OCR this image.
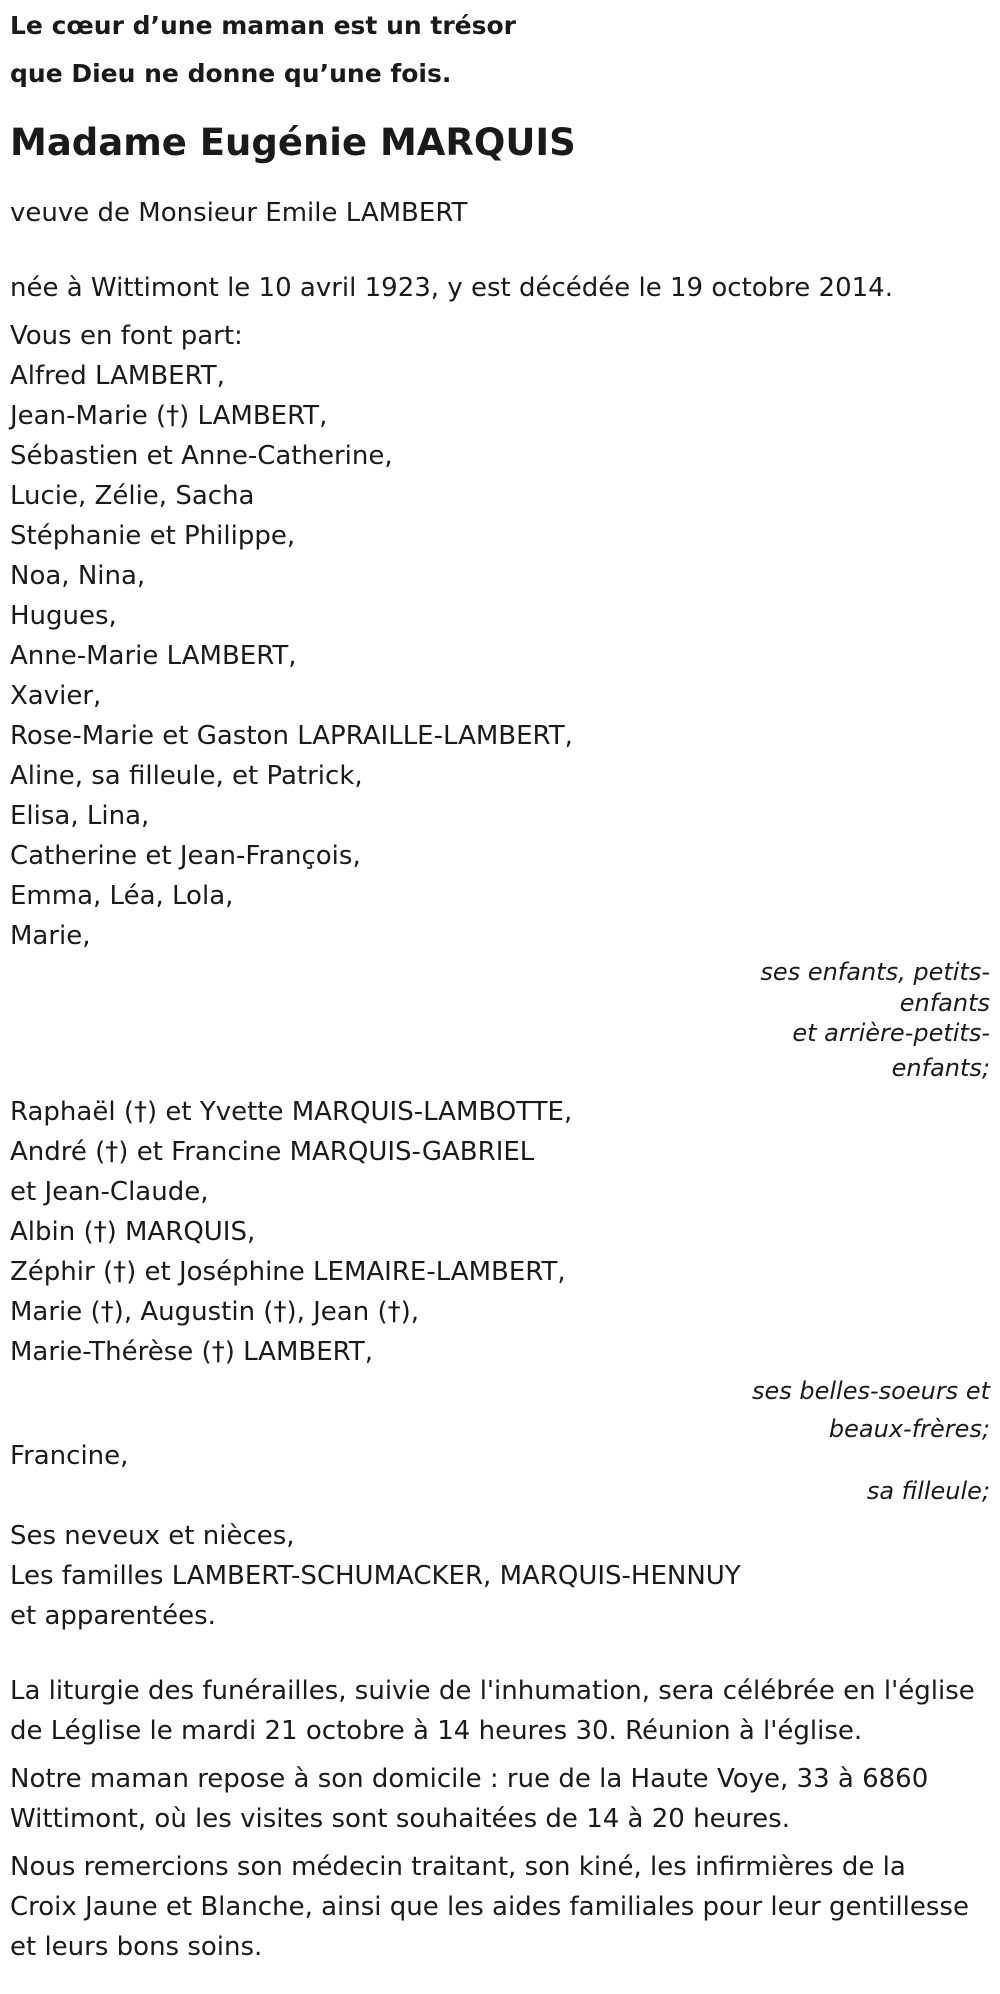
Le cœur d’une maman est un trésor
que Dieu ne donne qu’une fois.
Madame Eugénie MARQUIS
veuve de Monsieur Emile LAMBERT
née à Wittimont le 10 avril 1923, y est décédée le 19 octobre 2014.
Vous en font part:
Alfred LAMBERT,
Jean-Marie (†) LAMBERT,
Sébastien et Anne-Catherine,
Lucie, Zélie, Sacha
Stéphanie et Philippe,
Noa, Nina,
Hugues,
Anne-Marie LAMBERT,
Xavier,
Rose-Marie et Gaston LAPRAILLE-LAMBERT,
Aline, sa filleule, et Patrick,
Elisa, Lina,
Catherine et Jean-François,
Emma, Léa, Lola,
Marie,
ses enfants, petits-
enfants
et arrière-petits-
enfants;
Raphaël (†) et Yvette MARQUIS-LAMBOTTE,
André (†) et Francine MARQUIS-GABRIEL
et Jean-Claude,
Albin (†) MARQUIS,
Zéphir (†) et Joséphine LEMAIRE-LAMBERT,
Marie (†), Augustin (†), Jean (†),
Marie-Thérèse (†) LAMBERT,
ses belles-soeurs et
beaux-frères;
Francine,
sa filleule;
Ses neveux et nièces,
Les familles LAMBERT-SCHUMACKER, MARQUIS-HENNUY
et apparentées.
La liturgie des funérailles, suivie de l'inhumation, sera célébrée en l'église
de Léglise le mardi 21 octobre à 14 heures 30. Réunion à l'église.
Notre maman repose à son domicile : rue de la Haute Voye, 33 à 6860
Wittimont, où les visites sont souhaitées de 14 à 20 heures.
Nous remercions son médecin traitant, son kiné, les infirmières de la
Croix Jaune et Blanche, ainsi que les aides familiales pour leur gentillesse
et leurs bons soins.
